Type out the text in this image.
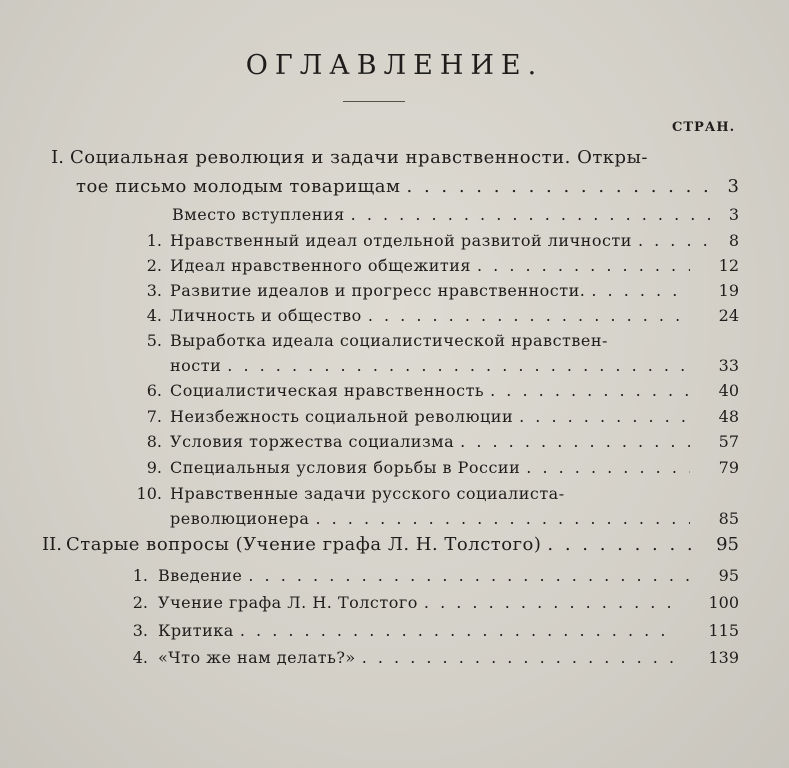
ОГЛАВЛЕНИЕ.
СТРАН.
I. Социальная революция и задачи нравственности. Откры-
тое письмо молодым товарищам . . .	3
Вместо вступления . . .	3
1. Нравственный идеал отдельной развитой личности . . .	8
2. Идеал нравственного общежития . . .	12
3. Развитие идеалов и прогресс нравственности. . . .	19
4. Личность и общество . . .	24
5. Выработка идеала социалистической нравствен-
ности . . .	33
6. Социалистическая нравственность . . .	40
7. Неизбежность социальной революции . . .	48
8. Условия торжества социализма . . .	57
9. Специальныя условия борьбы в России . . .	79
10. Нравственные задачи русского социалиста-
революционера . . .	85
II. Старые вопросы (Учение графа Л. Н. Толстого) . . .	95
1. Введение . . .	95
2. Учение графа Л. Н. Толстого . . .	100
3. Критика . . .	115
4. «Что же нам делать?» . . .	139
